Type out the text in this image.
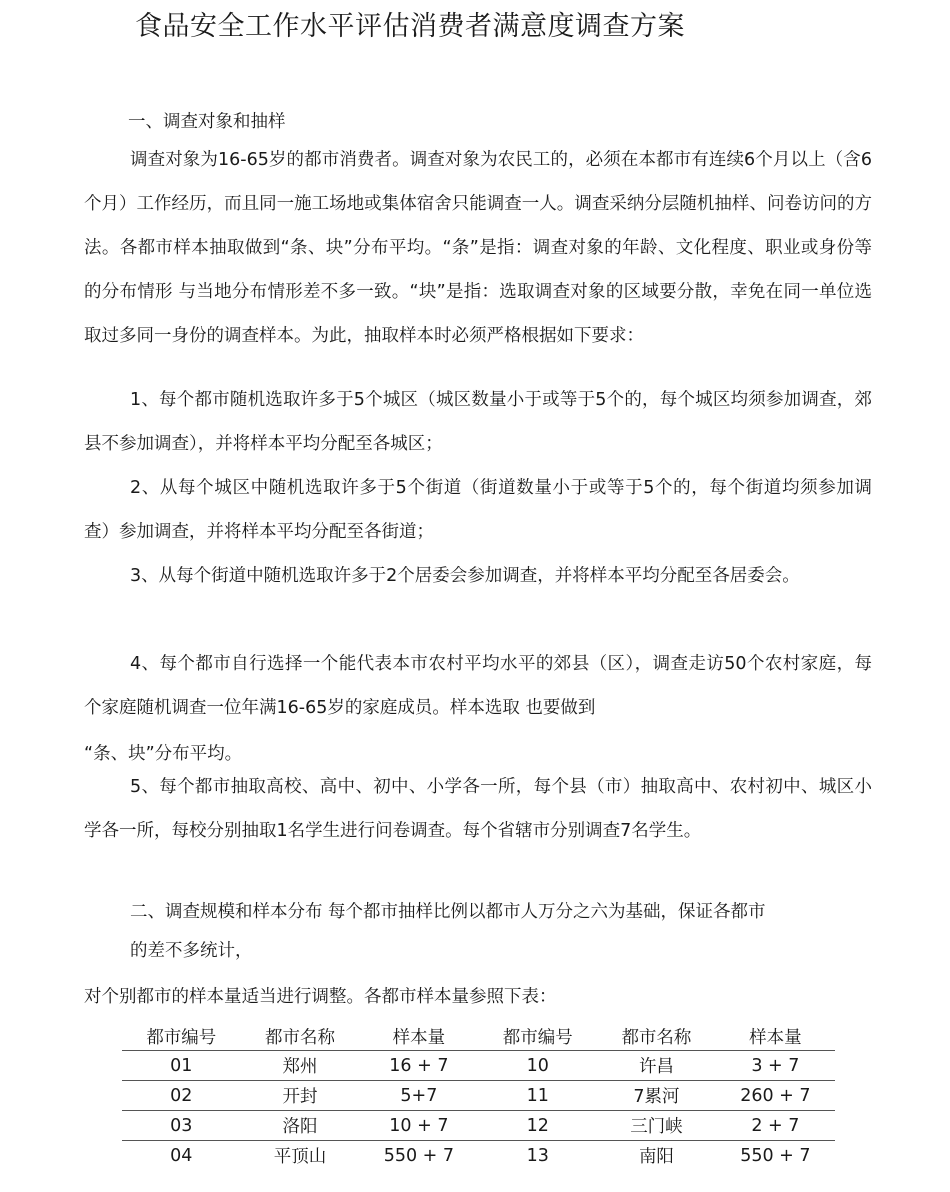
食品安全工作水平评估消费者满意度调查方案
一、调查对象和抽样
调查对象为16-65岁的都市消费者。调查对象为农民工的，必须在本都市有连续6个月以上（含6个月）工作经历，而且同一施工场地或集体宿舍只能调查一人。调查采纳分层随机抽样、问卷访问的方法。各都市样本抽取做到“条、块”分布平均。“条”是指：调查对象的年龄、文化程度、职业或身份等的分布情形 与当地分布情形差不多一致。“块”是指：选取调查对象的区域要分散，幸免在同一单位选取过多同一身份的调查样本。为此，抽取样本时必须严格根据如下要求：
1、每个都市随机选取许多于5个城区（城区数量小于或等于5个的，每个城区均须参加调查，郊县不参加调查），并将样本平均分配至各城区；
2、从每个城区中随机选取许多于5个街道（街道数量小于或等于5个的，每个街道均须参加调查）参加调查，并将样本平均分配至各街道；
3、从每个街道中随机选取许多于2个居委会参加调查，并将样本平均分配至各居委会。
4、每个都市自行选择一个能代表本市农村平均水平的郊县（区），调查走访50个农村家庭，每个家庭随机调查一位年满16-65岁的家庭成员。样本选取 也要做到
“条、块”分布平均。
5、每个都市抽取高校、高中、初中、小学各一所，每个县（市）抽取高中、农村初中、城区小学各一所，每校分别抽取1名学生进行问卷调查。每个省辖市分别调查7名学生。
二、调查规模和样本分布 每个都市抽样比例以都市人万分之六为基础，保证各都市
的差不多统计，
对个别都市的样本量适当进行调整。各都市样本量参照下表：
都市编号	都市名称	样本量	都市编号	都市名称	样本量
01	郑州	16 + 7	10	许昌	3 + 7
02	开封	5+7	11	7累河	260 + 7
03	洛阳	10 + 7	12	三门峡	2 + 7
04	平顶山	550 + 7	13	南阳	550 + 7
